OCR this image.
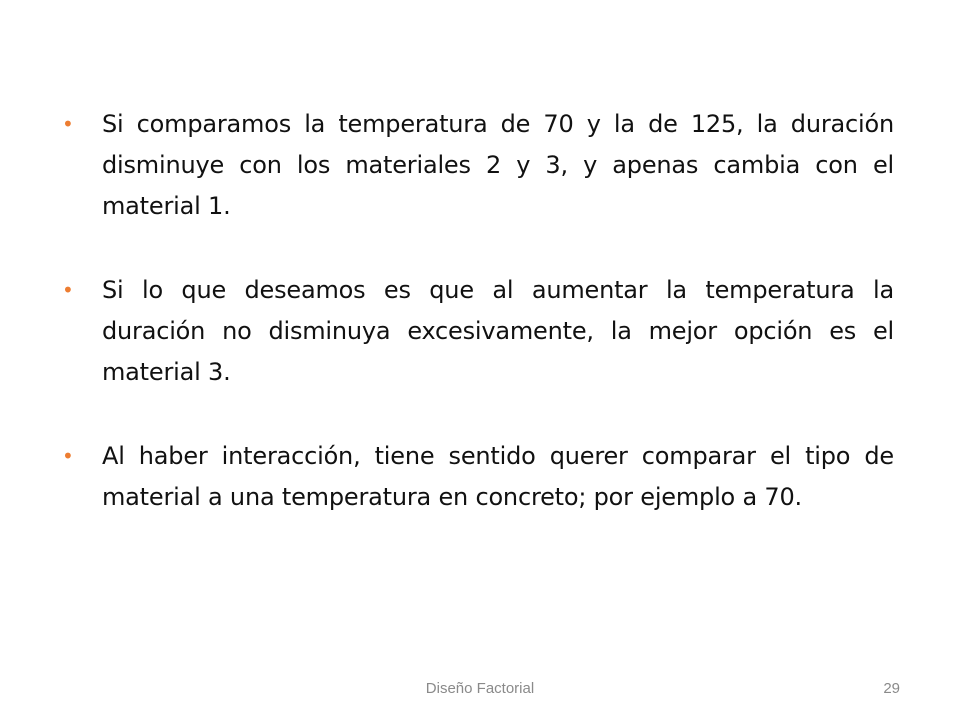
•	Si comparamos la temperatura de 70 y la de 125, la duración disminuye con los materiales 2 y 3, y apenas cambia con el material 1.
•	Si lo que deseamos es que al aumentar la temperatura la duración no disminuya excesivamente, la mejor opción es el material 3.
•	Al haber interacción, tiene sentido querer comparar el tipo de material a una temperatura en concreto; por ejemplo a 70.
Diseño Factorial	29
